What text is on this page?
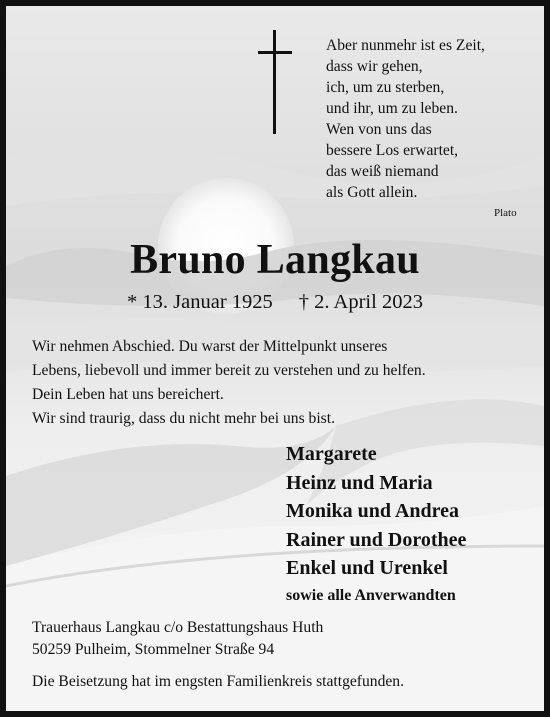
Aber nunmehr ist es Zeit,
dass wir gehen,
ich, um zu sterben,
und ihr, um zu leben.
Wen von uns das
bessere Los erwartet,
das weiß niemand
als Gott allein.
Plato
Bruno Langkau
* 13. Januar 1925 † 2. April 2023
Wir nehmen Abschied. Du warst der Mittelpunkt unseres
Lebens, liebevoll und immer bereit zu verstehen und zu helfen.
Dein Leben hat uns bereichert.
Wir sind traurig, dass du nicht mehr bei uns bist.
Margarete
Heinz und Maria
Monika und Andrea
Rainer und Dorothee
Enkel und Urenkel
sowie alle Anverwandten
Trauerhaus Langkau c/o Bestattungshaus Huth
50259 Pulheim, Stommelner Straße 94
Die Beisetzung hat im engsten Familienkreis stattgefunden.
